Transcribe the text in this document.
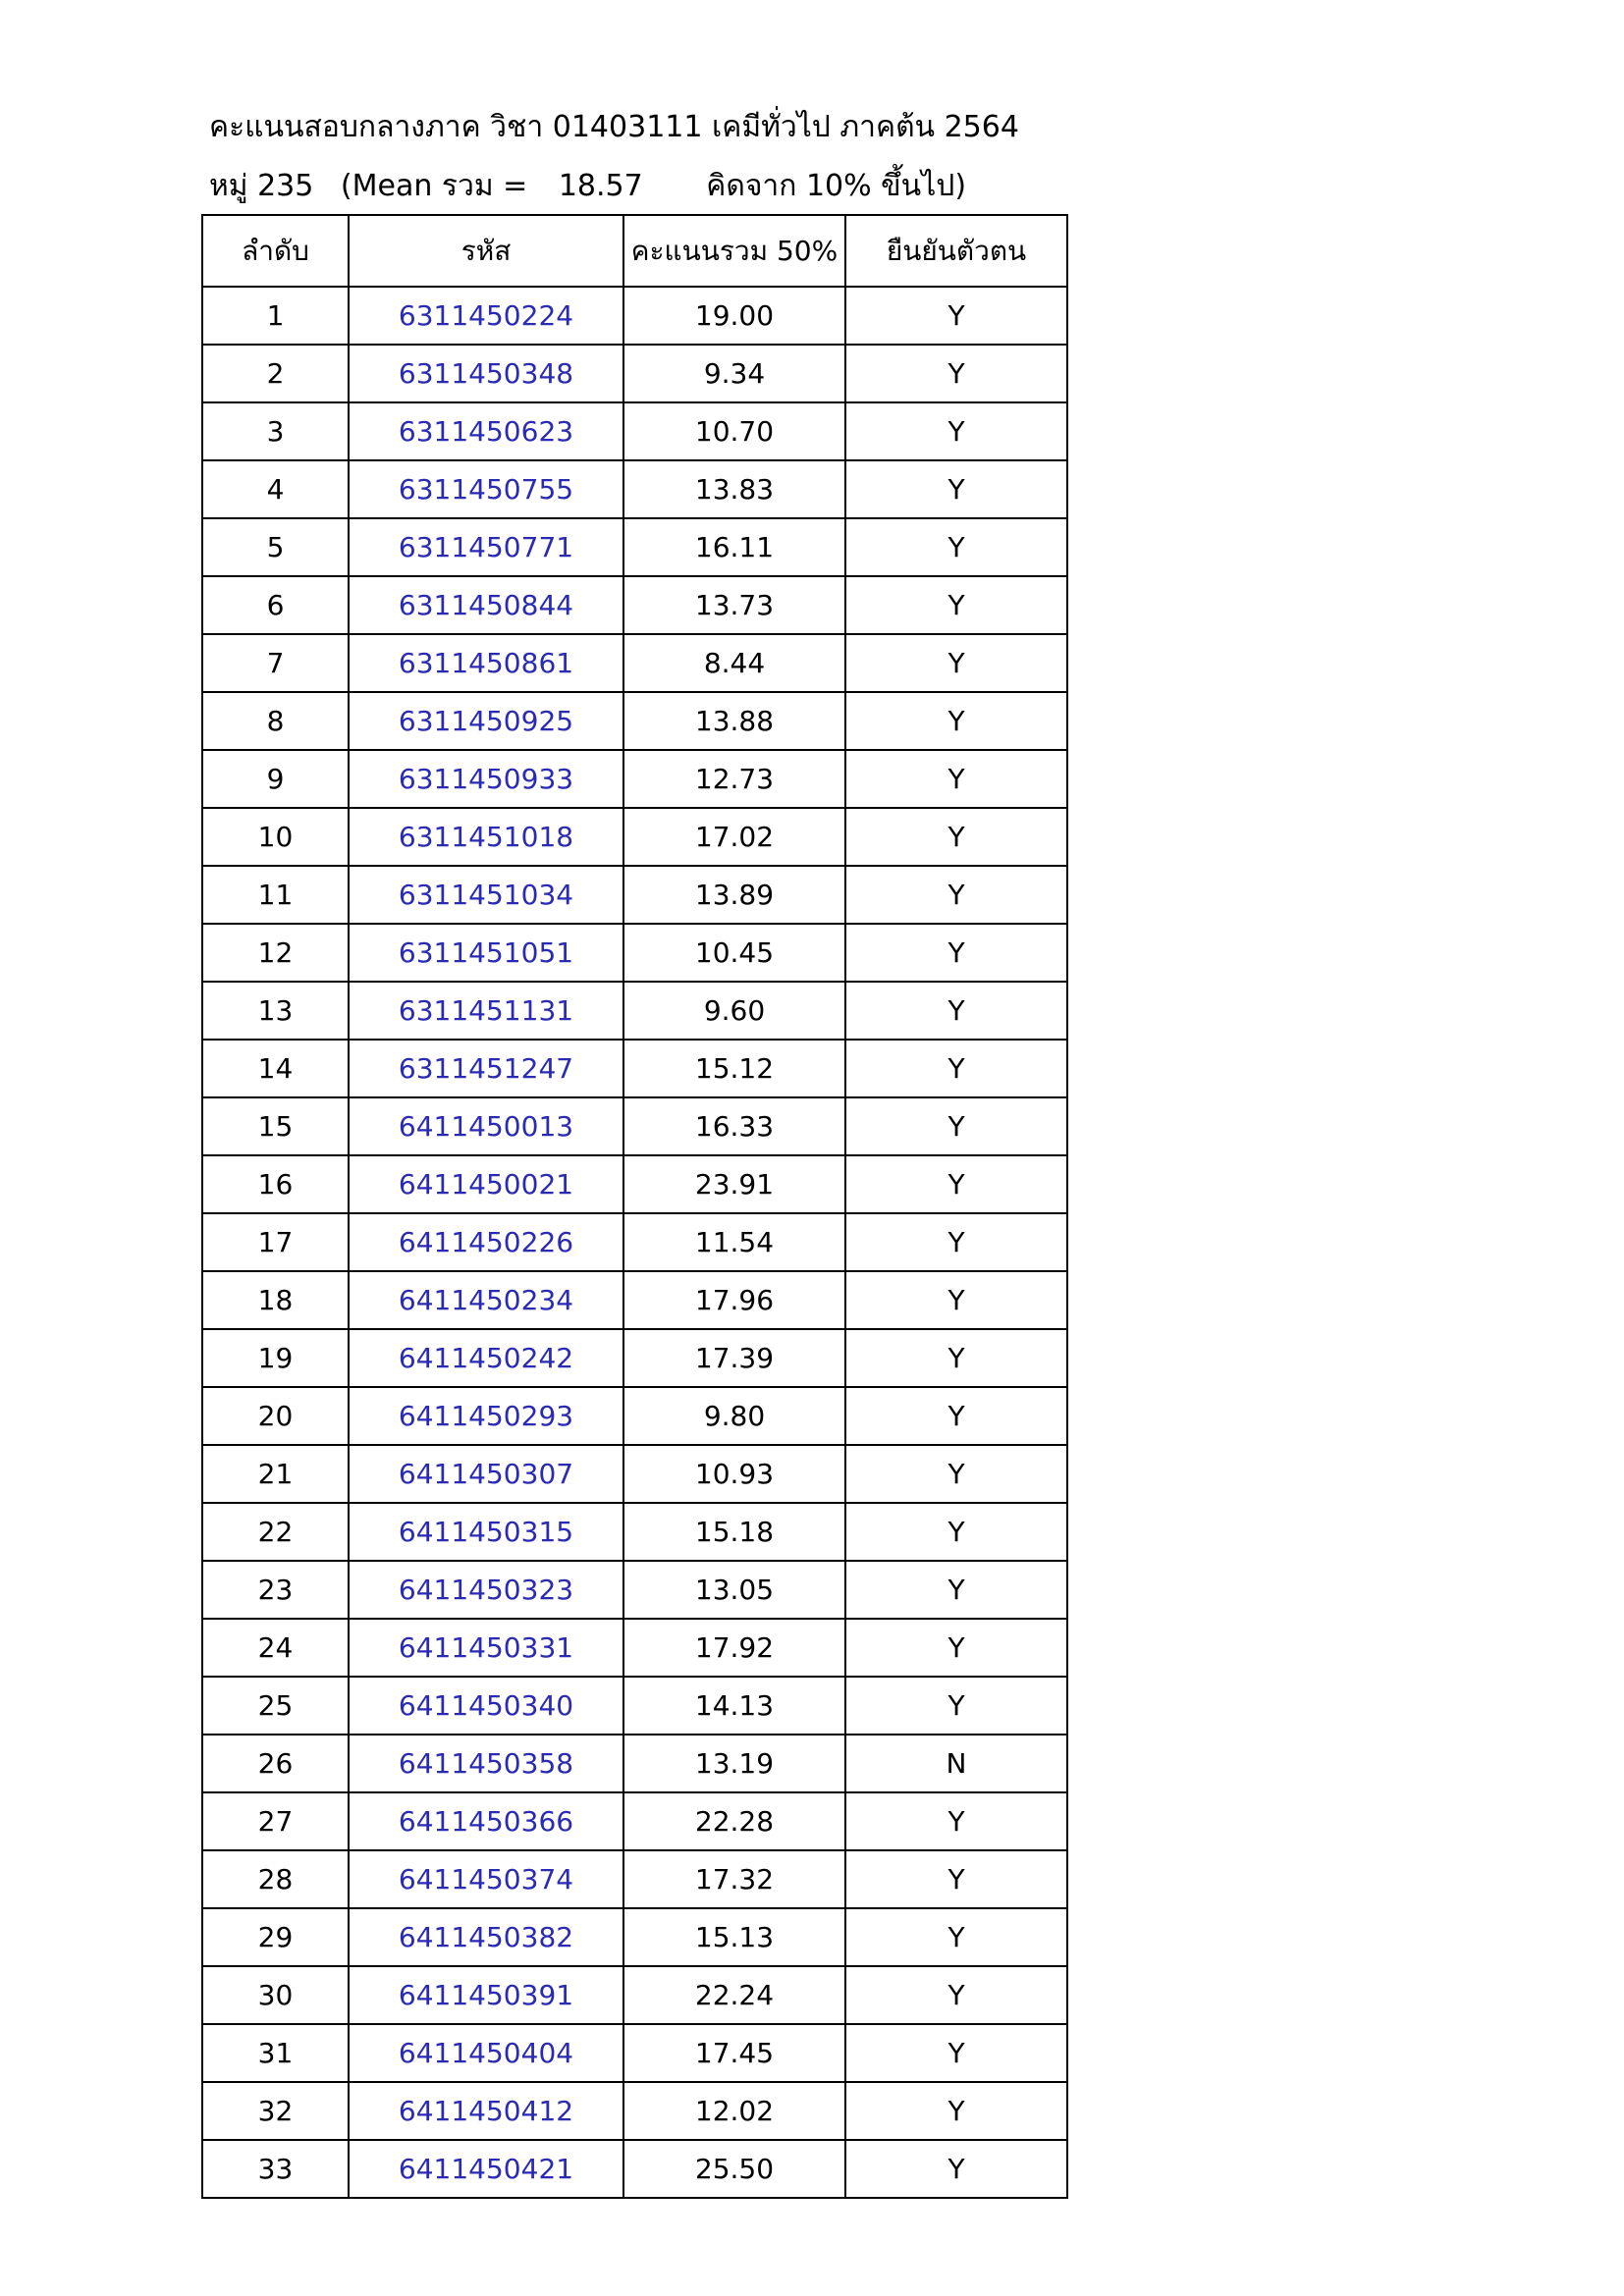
คะแนนสอบกลางภาค วิชา 01403111 เคมีทั่วไป ภาคต้น 2564
หมู่ 235 (Mean รวม = 18.57 คิดจาก 10% ขึ้นไป)
ลำดับ	รหัส	คะแนนรวม 50%	ยืนยันตัวตน
1	6311450224	19.00	Y
2	6311450348	9.34	Y
3	6311450623	10.70	Y
4	6311450755	13.83	Y
5	6311450771	16.11	Y
6	6311450844	13.73	Y
7	6311450861	8.44	Y
8	6311450925	13.88	Y
9	6311450933	12.73	Y
10	6311451018	17.02	Y
11	6311451034	13.89	Y
12	6311451051	10.45	Y
13	6311451131	9.60	Y
14	6311451247	15.12	Y
15	6411450013	16.33	Y
16	6411450021	23.91	Y
17	6411450226	11.54	Y
18	6411450234	17.96	Y
19	6411450242	17.39	Y
20	6411450293	9.80	Y
21	6411450307	10.93	Y
22	6411450315	15.18	Y
23	6411450323	13.05	Y
24	6411450331	17.92	Y
25	6411450340	14.13	Y
26	6411450358	13.19	N
27	6411450366	22.28	Y
28	6411450374	17.32	Y
29	6411450382	15.13	Y
30	6411450391	22.24	Y
31	6411450404	17.45	Y
32	6411450412	12.02	Y
33	6411450421	25.50	Y
